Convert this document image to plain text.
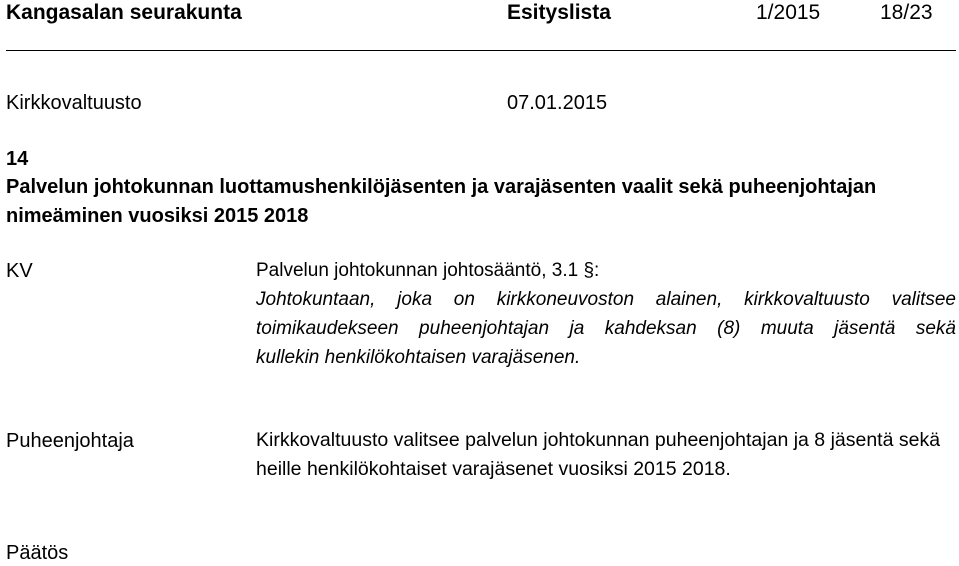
Kangasalan seurakunta	Esityslista	1/2015	18/23
Kirkkovaltuusto	07.01.2015
14
Palvelun johtokunnan luottamushenkilöjäsenten ja varajäsenten vaalit sekä puheenjohtajan nimeäminen vuosiksi 2015 2018
KV	Palvelun johtokunnan johtosääntö, 3.1 §:
Johtokuntaan, joka on kirkkoneuvoston alainen, kirkkovaltuusto valitsee
toimikaudekseen puheenjohtajan ja kahdeksan (8) muuta jäsentä sekä
kullekin henkilökohtaisen varajäsenen.
Puheenjohtaja	Kirkkovaltuusto valitsee palvelun johtokunnan puheenjohtajan ja 8 jäsentä sekä heille henkilökohtaiset varajäsenet vuosiksi 2015 2018.
Päätös
